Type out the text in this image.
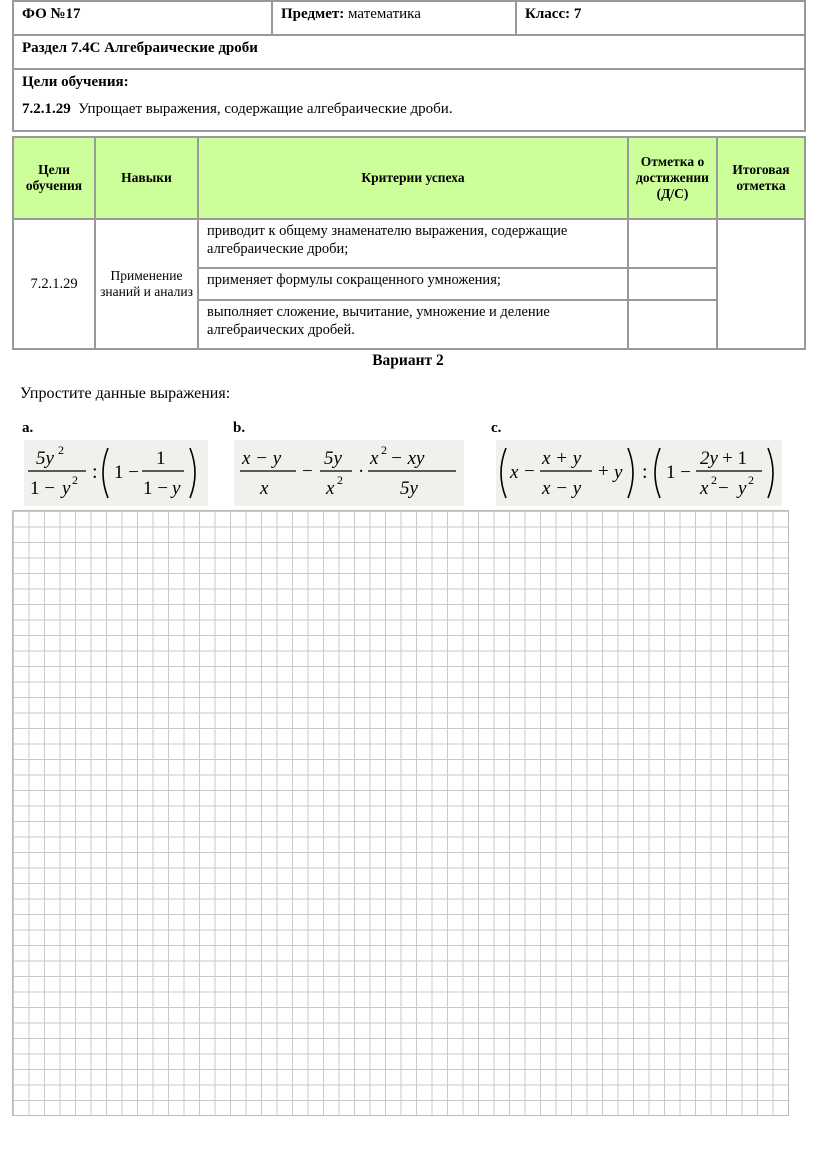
ФО №17	Предмет: математика	Класс: 7
Раздел 7.4С Алгебраические дроби

Цели обучения:
7.2.1.29 Упрощает выражения, содержащие алгебраические дроби.
Цели обучения	Навыки	Критерии успеха	Отметка о достижении (Д/С)	Итоговая отметка
7.2.1.29	Применение знаний и анализ	приводит к общему знаменателю выражения, содержащие алгебраические дроби;		
		применяет формулы сокращенного умножения;		
		выполняет сложение, вычитание, умножение и деление алгебраических дробей.		
Вариант 2
Упростите данные выражения:
a.	b.	c.
5y 2
1 − y 2 : 1 −
1
1 − y
x − y
x
−
5y
x 2 ·
x 2 − xy
5y
x −
x + y
x − y
+ y : 1 −
2y + 1
x 2 − y 2
